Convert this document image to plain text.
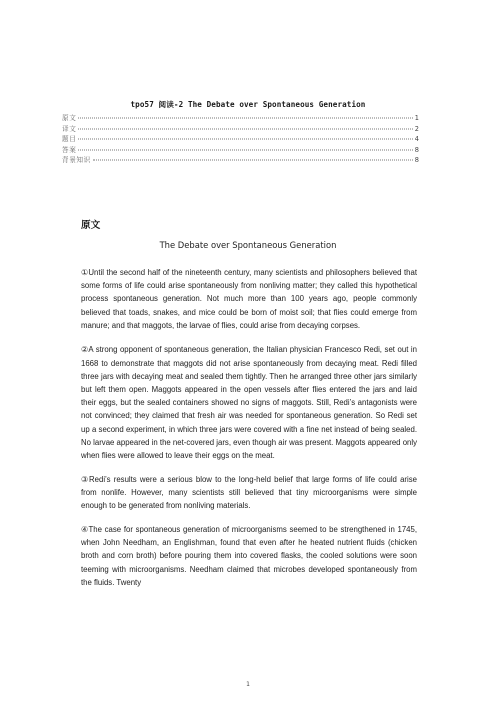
tpo57 阅读-2 The Debate over Spontaneous Generation
原文	1
译文	2
题目	4
答案	8
背景知识	8
原文
The Debate over Spontaneous Generation

①Until the second half of the nineteenth century, many scientists and philosophers believed that some forms of life could arise spontaneously from nonliving matter; they called this hypothetical process spontaneous generation. Not much more than 100 years ago, people commonly believed that toads, snakes, and mice could be born of moist soil; that flies could emerge from manure; and that maggots, the larvae of flies, could arise from decaying corpses.

②A strong opponent of spontaneous generation, the Italian physician Francesco Redi, set out in 1668 to demonstrate that maggots did not arise spontaneously from decaying meat. Redi filled three jars with decaying meat and sealed them tightly. Then he arranged three other jars similarly but left them open. Maggots appeared in the open vessels after flies entered the jars and laid their eggs, but the sealed containers showed no signs of maggots. Still, Redi’s antagonists were not convinced; they claimed that fresh air was needed for spontaneous generation. So Redi set up a second experiment, in which three jars were covered with a fine net instead of being sealed. No larvae appeared in the net-covered jars, even though air was present. Maggots appeared only when flies were allowed to leave their eggs on the meat.

③Redi’s results were a serious blow to the long-held belief that large forms of life could arise from nonlife. However, many scientists still believed that tiny microorganisms were simple enough to be generated from nonliving materials.

④The case for spontaneous generation of microorganisms seemed to be strengthened in 1745, when John Needham, an Englishman, found that even after he heated nutrient fluids (chicken broth and corn broth) before pouring them into covered flasks, the cooled solutions were soon teeming with microorganisms. Needham claimed that microbes developed spontaneously from the fluids. Twenty

1
